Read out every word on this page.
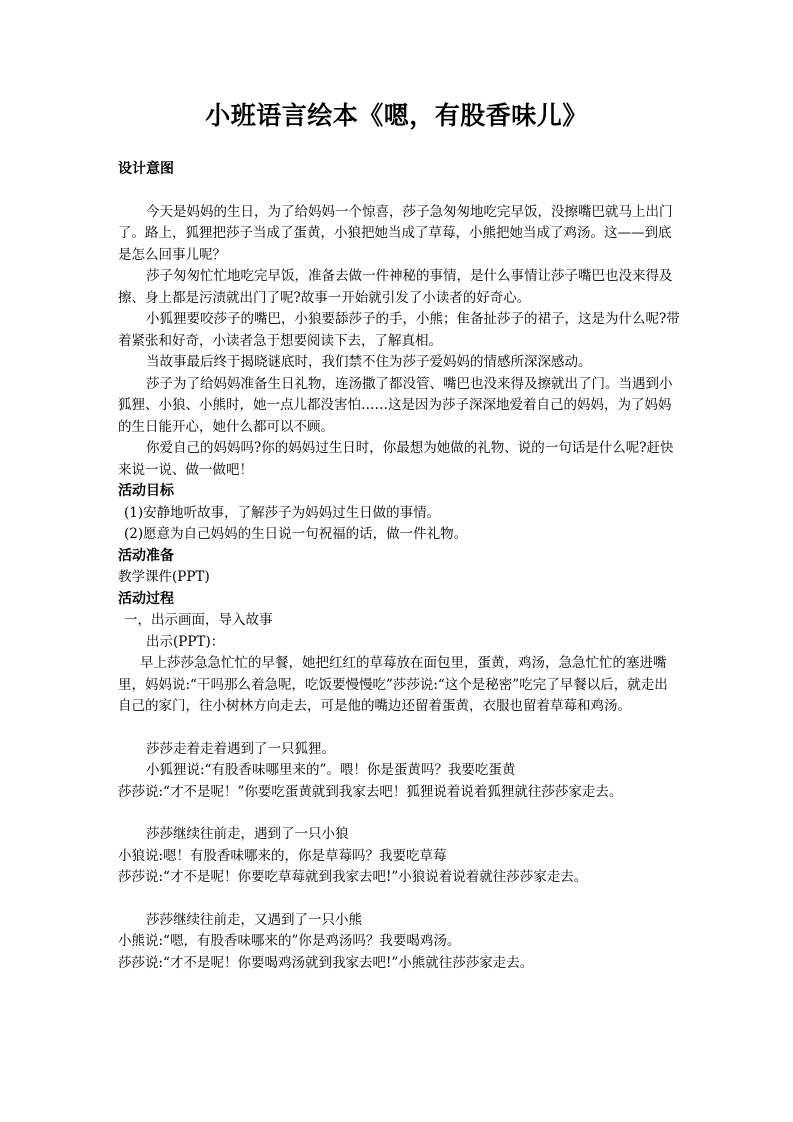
小班语言绘本《嗯，有股香味儿》

设计意图

今天是妈妈的生日，为了给妈妈一个惊喜，莎子急匆匆地吃完早饭，没擦嘴巴就马上出门了。路上，狐狸把莎子当成了蛋黄，小狼把她当成了草莓，小熊把她当成了鸡汤。这——到底是怎么回事儿呢？

莎子匆匆忙忙地吃完早饭，准备去做一件神秘的事情，是什么事情让莎子嘴巴也没来得及擦、身上都是污渍就出门了呢?故事一开始就引发了小读者的好奇心。

小狐狸要咬莎子的嘴巴，小狼要舔莎子的手，小熊；隹备扯莎子的裙子，这是为什么呢?带着紧张和好奇，小读者急于想要阅读下去，了解真相。

当故事最后终于揭晓谜底时，我们禁不住为莎子爱妈妈的情感所深深感动。

莎子为了给妈妈准备生日礼物，连汤撒了都没管、嘴巴也没来得及擦就出了门。当遇到小狐狸、小狼、小熊时，她一点儿都没害怕……这是因为莎子深深地爱着自己的妈妈，为了妈妈的生日能开心，她什么都可以不顾。

你爱自己的妈妈吗?你的妈妈过生日时，你最想为她做的礼物、说的一句话是什么呢?赶快来说一说、做一做吧！

活动目标

(1)安静地听故事，了解莎子为妈妈过生日做的事情。

(2)愿意为自己妈妈的生日说一句祝福的话，做一件礼物。

活动准备

教学课件(PPT)

活动过程

一，出示画面，导入故事

出示(PPT)：

早上莎莎急急忙忙的早餐，她把红红的草莓放在面包里，蛋黄，鸡汤，急急忙忙的塞进嘴里，妈妈说:“干吗那么着急呢，吃饭要慢慢吃”莎莎说:“这个是秘密”吃完了早餐以后，就走出自己的家门，往小树林方向走去，可是他的嘴边还留着蛋黄，衣服也留着草莓和鸡汤。

莎莎走着走着遇到了一只狐狸。

小狐狸说:“有股香味哪里来的”。喂！你是蛋黄吗？我要吃蛋黄

莎莎说:“才不是呢！”你要吃蛋黄就到我家去吧！狐狸说着说着狐狸就往莎莎家走去。

莎莎继续往前走，遇到了一只小狼

小狼说:嗯！有股香味哪来的，你是草莓吗？我要吃草莓

莎莎说:“才不是呢！你要吃草莓就到我家去吧!”小狼说着说着就往莎莎家走去。

莎莎继续往前走，又遇到了一只小熊

小熊说:“嗯，有股香味哪来的”你是鸡汤吗？我要喝鸡汤。

莎莎说:“才不是呢！你要喝鸡汤就到我家去吧!”小熊就往莎莎家走去。
